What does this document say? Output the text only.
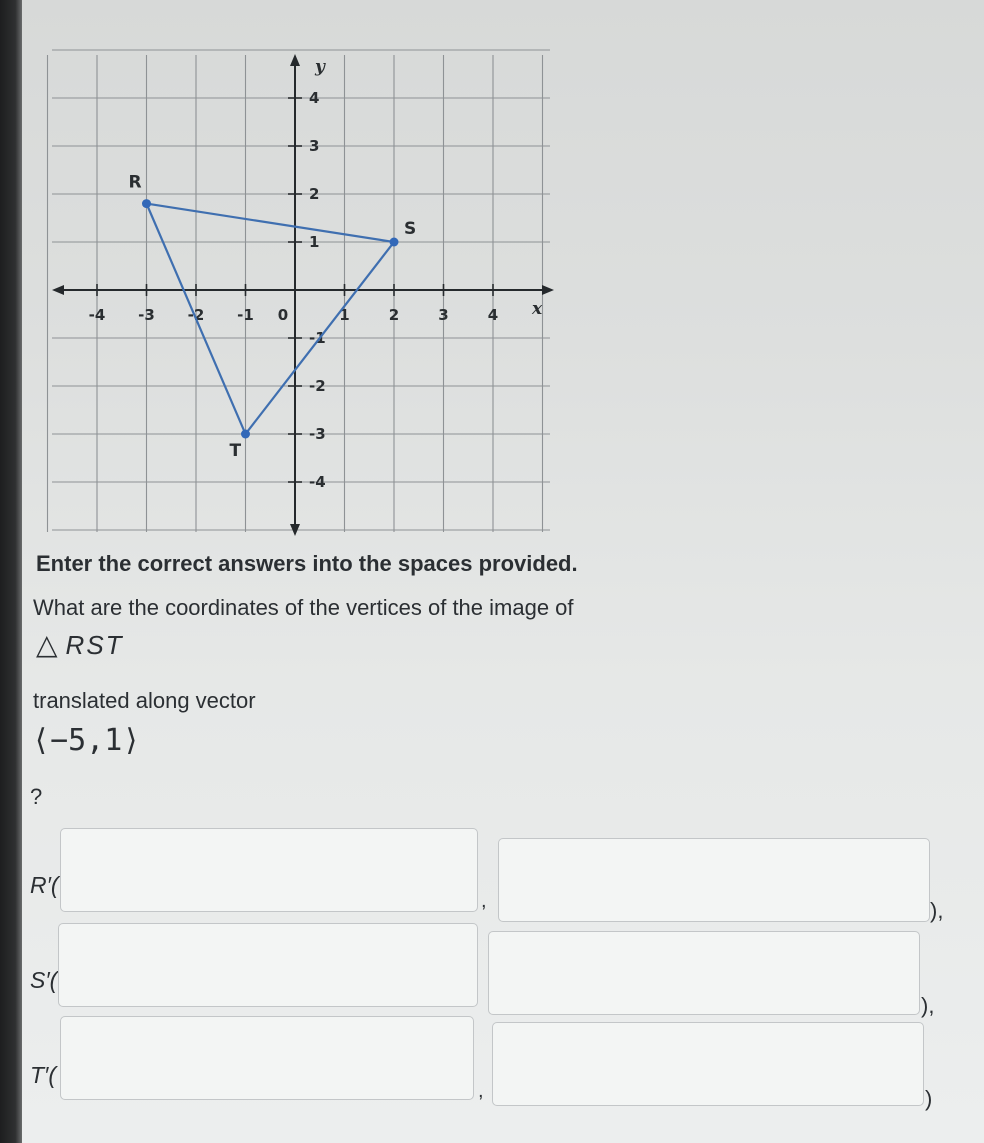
x
y
-4 -3 -2 -1 0	1	2	3	4
4
3
2
1
-1
-2
-3
-4
R
S
T
Enter the correct answers into the spaces provided.
What are the coordinates of the vertices of the image of
△ RST
translated along vector
⟨−5,1⟩
?
R′(
,	),
S′(
),
T′(
,	)
